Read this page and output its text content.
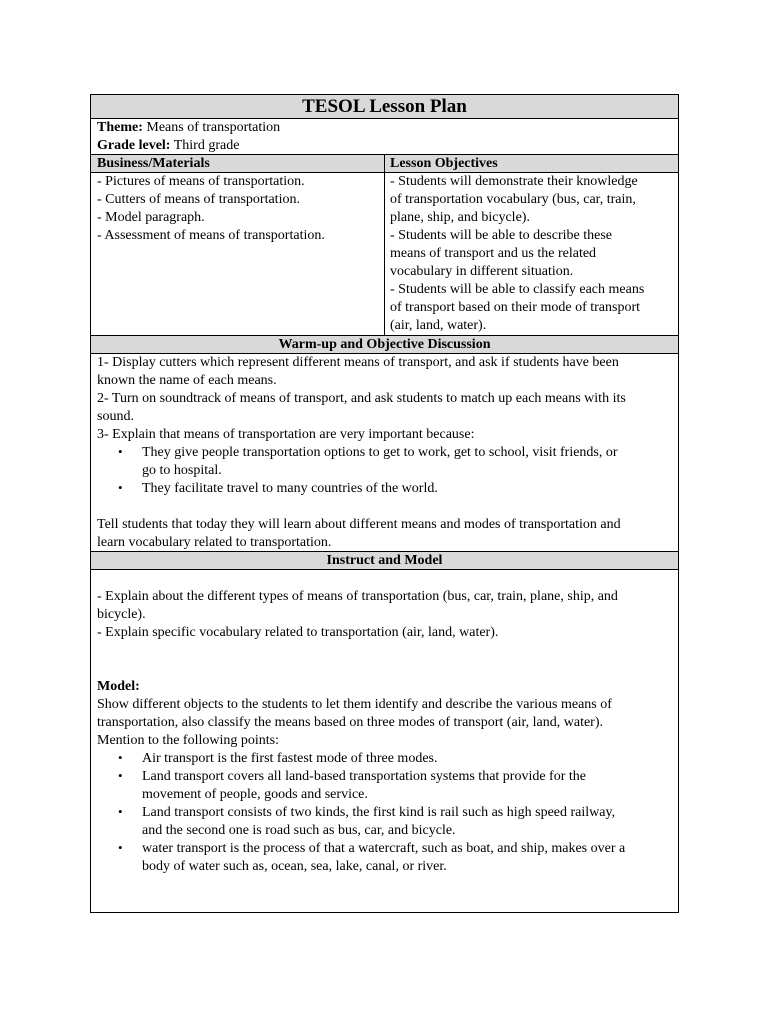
TESOL Lesson Plan
Theme: Means of transportation
Grade level: Third grade
Business/Materials	Lesson Objectives
- Pictures of means of transportation.
- Cutters of means of transportation.
- Model paragraph.
- Assessment of means of transportation.
- Students will demonstrate their knowledge
of transportation vocabulary (bus, car, train,
plane, ship, and bicycle).
- Students will be able to describe these
means of transport and us the related
vocabulary in different situation.
- Students will be able to classify each means
of transport based on their mode of transport
(air, land, water).
Warm-up and Objective Discussion
1- Display cutters which represent different means of transport, and ask if students have been
known the name of each means.
2- Turn on soundtrack of means of transport, and ask students to match up each means with its
sound.
3- Explain that means of transportation are very important because:
• They give people transportation options to get to work, get to school, visit friends, or
go to hospital.
• They facilitate travel to many countries of the world.
Tell students that today they will learn about different means and modes of transportation and
learn vocabulary related to transportation.
Instruct and Model
- Explain about the different types of means of transportation (bus, car, train, plane, ship, and
bicycle).
- Explain specific vocabulary related to transportation (air, land, water).
Model:
Show different objects to the students to let them identify and describe the various means of
transportation, also classify the means based on three modes of transport (air, land, water).
Mention to the following points:
• Air transport is the first fastest mode of three modes.
• Land transport covers all land-based transportation systems that provide for the
movement of people, goods and service.
• Land transport consists of two kinds, the first kind is rail such as high speed railway,
and the second one is road such as bus, car, and bicycle.
• water transport is the process of that a watercraft, such as boat, and ship, makes over a
body of water such as, ocean, sea, lake, canal, or river.
